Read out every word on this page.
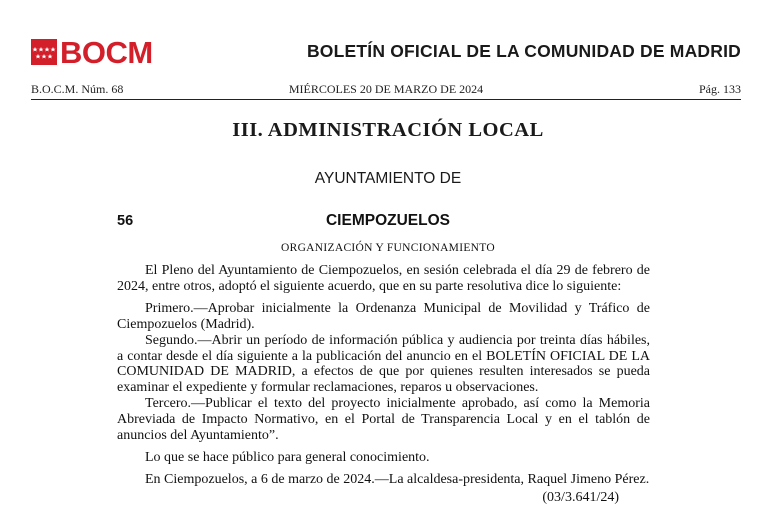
BOCM	BOLETÍN OFICIAL DE LA COMUNIDAD DE MADRID
B.O.C.M. Núm. 68	MIÉRCOLES 20 DE MARZO DE 2024	Pág. 133
III. ADMINISTRACIÓN LOCAL
AYUNTAMIENTO DE
56	CIEMPOZUELOS
ORGANIZACIÓN Y FUNCIONAMIENTO

El Pleno del Ayuntamiento de Ciempozuelos, en sesión celebrada el día 29 de febrero de 2024, entre otros, adoptó el siguiente acuerdo, que en su parte resolutiva dice lo siguiente:

Primero.—Aprobar inicialmente la Ordenanza Municipal de Movilidad y Tráfico de Ciempozuelos (Madrid).

Segundo.—Abrir un período de información pública y audiencia por treinta días hábiles, a contar desde el día siguiente a la publicación del anuncio en el BOLETÍN OFICIAL DE LA COMUNIDAD DE MADRID, a efectos de que por quienes resulten interesados se pueda examinar el expediente y formular reclamaciones, reparos u observaciones.

Tercero.—Publicar el texto del proyecto inicialmente aprobado, así como la Memoria Abreviada de Impacto Normativo, en el Portal de Transparencia Local y en el tablón de anuncios del Ayuntamiento”.

Lo que se hace público para general conocimiento.

En Ciempozuelos, a 6 de marzo de 2024.—La alcaldesa-presidenta, Raquel Jimeno Pérez.

(03/3.641/24)
